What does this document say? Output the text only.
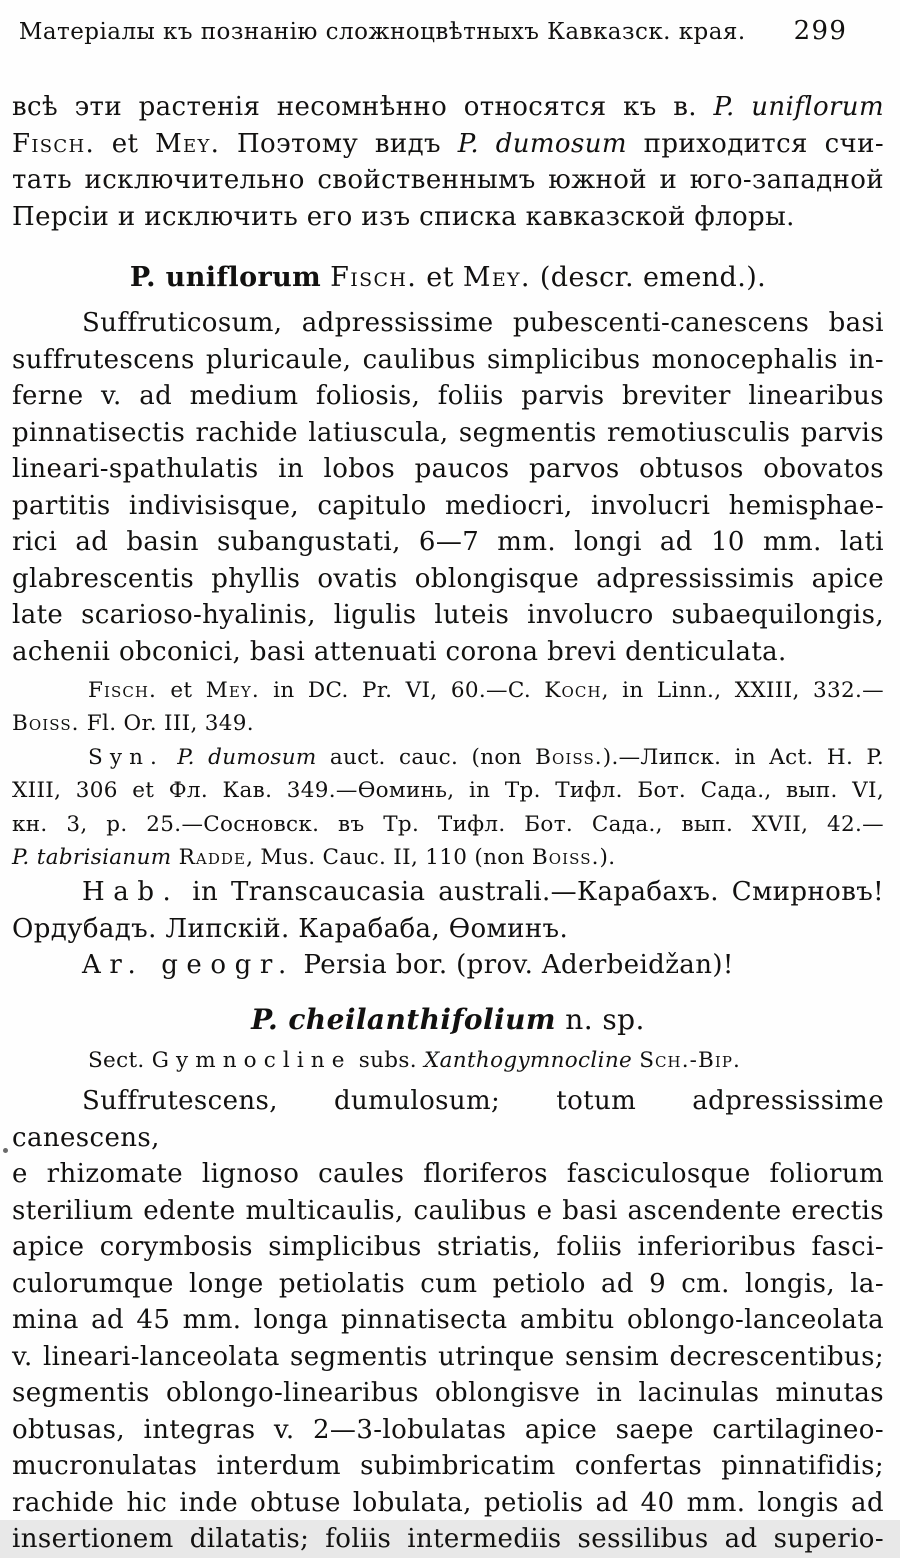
Матеріалы къ познанію сложноцвѣтныхъ Кавказск. края. 299
всѣ эти растенія несомнѣнно относятся къ в. P. uniflorum
Fisch. et Mey. Поэтому видъ P. dumosum приходится счи-
тать исключительно свойственнымъ южной и юго-западной
Персіи и исключить его изъ списка кавказской флоры.
P. uniflorum Fisch. et Mey. (descr. emend.).
Suffruticosum, adpressissime pubescenti-canescens basi
suffrutescens pluricaule, caulibus simplicibus monocephalis in-
ferne v. ad medium foliosis, foliis parvis breviter linearibus
pinnatisectis rachide latiuscula, segmentis remotiusculis parvis
lineari-spathulatis in lobos paucos parvos obtusos obovatos
partitis indivisisque, capitulo mediocri, involucri hemisphae-
rici ad basin subangustati, 6—7 mm. longi ad 10 mm. lati
glabrescentis phyllis ovatis oblongisque adpressissimis apice
late scarioso-hyalinis, ligulis luteis involucro subaequilongis,
achenii obconici, basi attenuati corona brevi denticulata.
Fisch. et Mey. in DC. Pr. VI, 60.—C. Koch, in Linn., XXIII, 332.—
Boiss. Fl. Or. III, 349.
Syn. P. dumosum auct. cauc. (non Boiss.).—Липск. in Act. H. P.
XIII, 306 et Фл. Кав. 349.—Ѳоминь, in Тр. Тифл. Бот. Сада., вып. VI,
кн. 3, p. 25.—Сосновск. въ Тр. Тифл. Бот. Сада., вып. XVII, 42.—
P. tabrisianum Radde, Mus. Cauc. II, 110 (non Boiss.).
Hab. in Transcaucasia australi.—Карабахъ. Смирновъ!
Ордубадъ. Липскій. Карабаба, Ѳоминъ.
Ar. geogr. Persia bor. (prov. Aderbeidžan)!
P. cheilanthifolium n. sp.
Sect. Gymnocline subs. Xanthogymnocline Sch.-Bip.
Suffrutescens, dumulosum; totum adpressissime canescens,
e rhizomate lignoso caules floriferos fasciculosque foliorum
sterilium edente multicaulis, caulibus e basi ascendente erectis
apice corymbosis simplicibus striatis, foliis inferioribus fasci-
culorumque longe petiolatis cum petiolo ad 9 cm. longis, la-
mina ad 45 mm. longa pinnatisecta ambitu oblongo-lanceolata
v. lineari-lanceolata segmentis utrinque sensim decrescentibus;
segmentis oblongo-linearibus oblongisve in lacinulas minutas
obtusas, integras v. 2—3-lobulatas apice saepe cartilagineo-
mucronulatas interdum subimbricatim confertas pinnatifidis;
rachide hic inde obtuse lobulata, petiolis ad 40 mm. longis ad
insertionem dilatatis; foliis intermediis sessilibus ad superio-
